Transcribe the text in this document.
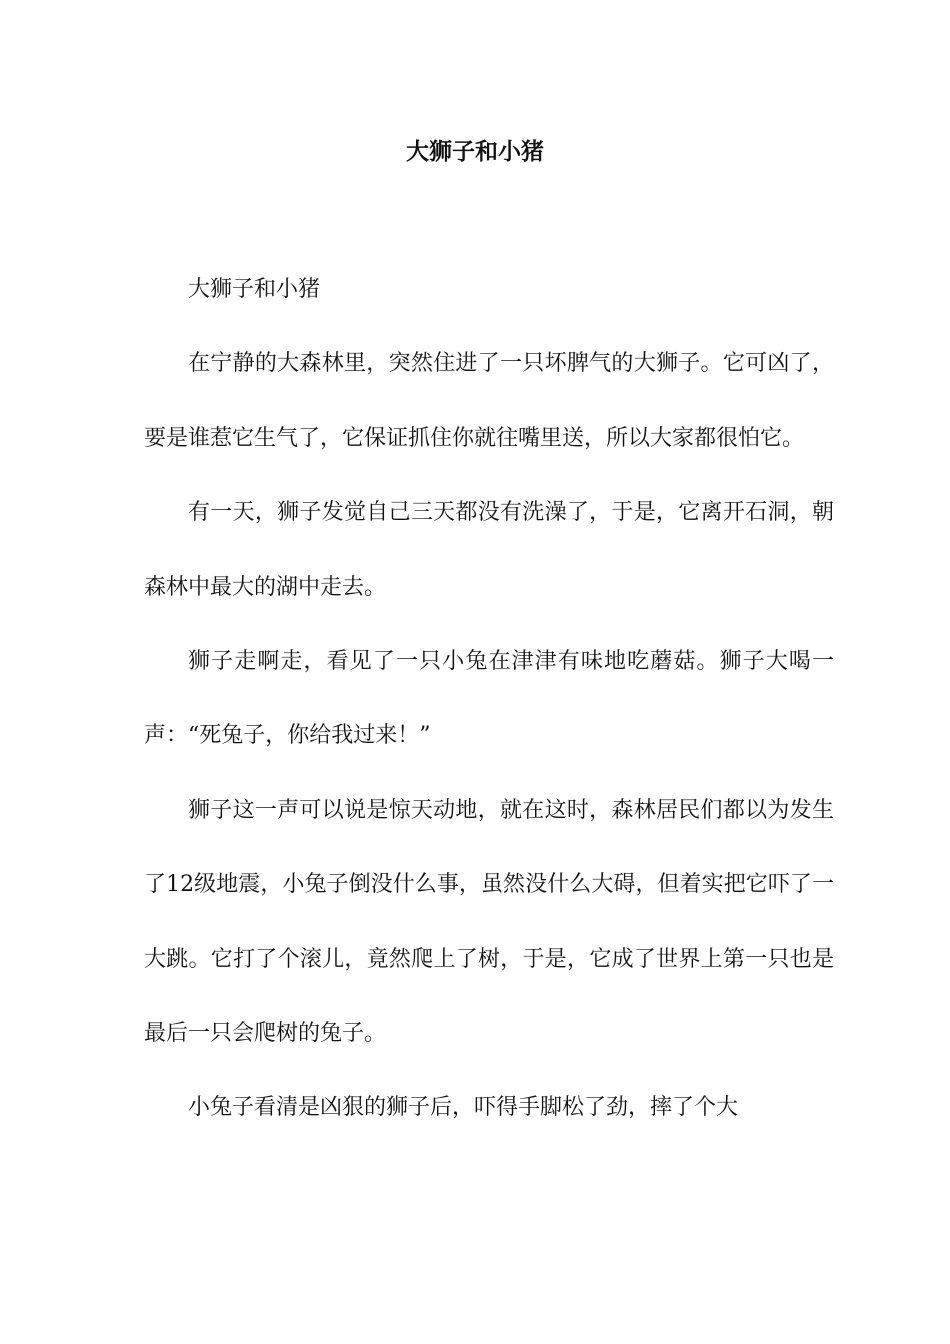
大狮子和小猪

大狮子和小猪

在宁静的大森林里，突然住进了一只坏脾气的大狮子。它可凶了，要是谁惹它生气了，它保证抓住你就往嘴里送，所以大家都很怕它。

有一天，狮子发觉自己三天都没有洗澡了，于是，它离开石洞，朝森林中最大的湖中走去。

狮子走啊走，看见了一只小兔在津津有味地吃蘑菇。狮子大喝一声：“死兔子，你给我过来！”

狮子这一声可以说是惊天动地，就在这时，森林居民们都以为发生了12级地震，小兔子倒没什么事，虽然没什么大碍，但着实把它吓了一大跳。它打了个滚儿，竟然爬上了树，于是，它成了世界上第一只也是最后一只会爬树的兔子。

小兔子看清是凶狠的狮子后，吓得手脚松了劲，摔了个大
